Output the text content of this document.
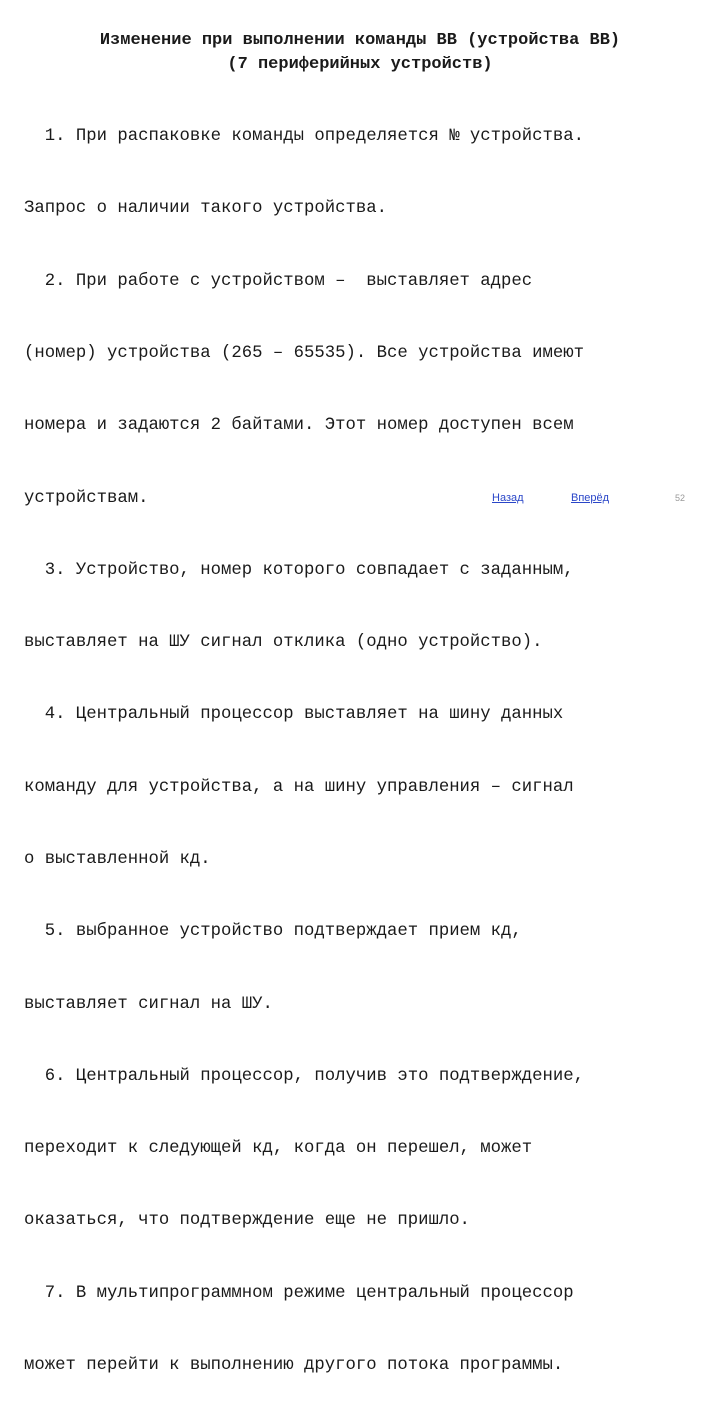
Изменение при выполнении команды ВВ (устройства ВВ)
(7 периферийных устройств)

1. При распаковке команды определяется № устройства.

Запрос о наличии такого устройства.

2. При работе с устройством –  выставляет адрес

(номер) устройства (265 – 65535). Все устройства имеют

номера и задаются 2 байтами. Этот номер доступен всем

устройствам.

3. Устройство, номер которого совпадает с заданным,

выставляет на ШУ сигнал отклика (одно устройство).

4. Центральный процессор выставляет на шину данных

команду для устройства, а на шину управления – сигнал

о выставленной кд.

5. выбранное устройство подтверждает прием кд,

выставляет сигнал на ШУ.

6. Центральный процессор, получив это подтверждение,

переходит к следующей кд, когда он перешел, может

оказаться, что подтверждение еще не пришло.

7. В мультипрограммном режиме центральный процессор

может перейти к выполнению другого потока программы.

Назад	Вперёд	52
